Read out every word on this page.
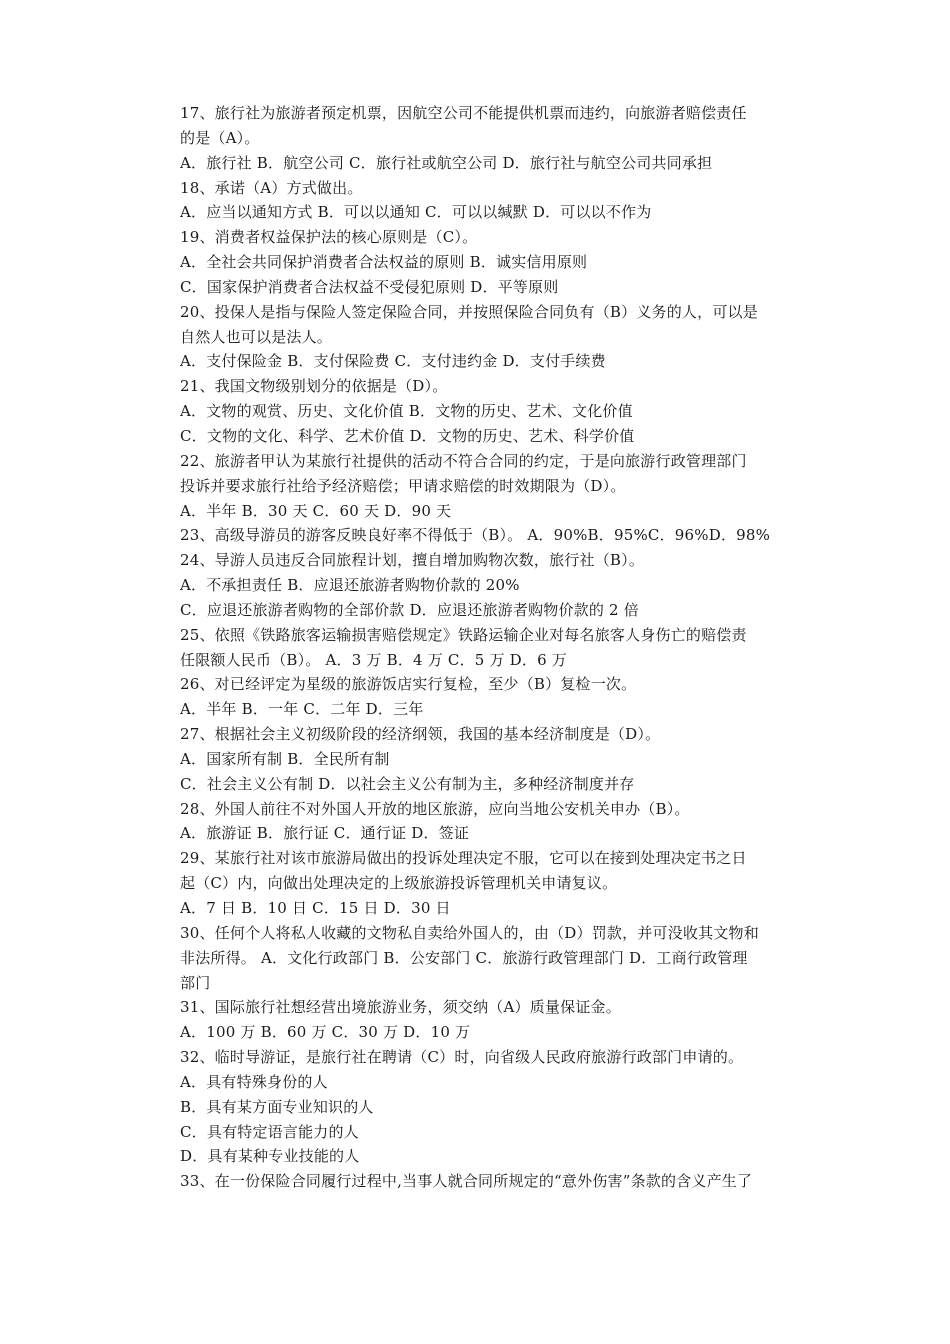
17、旅行社为旅游者预定机票，因航空公司不能提供机票而违约，向旅游者赔偿责任
的是（A）。
A．旅行社 B．航空公司 C．旅行社或航空公司 D．旅行社与航空公司共同承担
18、承诺（A）方式做出。
A．应当以通知方式 B．可以以通知 C．可以以缄默 D．可以以不作为
19、消费者权益保护法的核心原则是（C）。
A．全社会共同保护消费者合法权益的原则 B．诚实信用原则
C．国家保护消费者合法权益不受侵犯原则 D．平等原则
20、投保人是指与保险人签定保险合同，并按照保险合同负有（B）义务的人，可以是
自然人也可以是法人。
A．支付保险金 B．支付保险费 C．支付违约金 D．支付手续费
21、我国文物级别划分的依据是（D）。
A．文物的观赏、历史、文化价值 B．文物的历史、艺术、文化价值
C．文物的文化、科学、艺术价值 D．文物的历史、艺术、科学价值
22、旅游者甲认为某旅行社提供的活动不符合合同的约定，于是向旅游行政管理部门
投诉并要求旅行社给予经济赔偿；甲请求赔偿的时效期限为（D）。
A．半年 B．30 天 C．60 天 D．90 天
23、高级导游员的游客反映良好率不得低于（B）。 A．90%B．95%C．96%D．98%
24、导游人员违反合同旅程计划，擅自增加购物次数，旅行社（B）。
A．不承担责任 B．应退还旅游者购物价款的 20%
C．应退还旅游者购物的全部价款 D．应退还旅游者购物价款的 2 倍
25、依照《铁路旅客运输损害赔偿规定》铁路运输企业对每名旅客人身伤亡的赔偿责
任限额人民币（B）。 A．3 万 B．4 万 C．5 万 D．6 万
26、对已经评定为星级的旅游饭店实行复检，至少（B）复检一次。
A．半年 B．一年 C．二年 D．三年
27、根据社会主义初级阶段的经济纲领，我国的基本经济制度是（D）。
A．国家所有制 B．全民所有制
C．社会主义公有制 D．以社会主义公有制为主，多种经济制度并存
28、外国人前往不对外国人开放的地区旅游，应向当地公安机关申办（B）。
A．旅游证 B．旅行证 C．通行证 D．签证
29、某旅行社对该市旅游局做出的投诉处理决定不服，它可以在接到处理决定书之日
起（C）内，向做出处理决定的上级旅游投诉管理机关申请复议。
A．7 日 B．10 日 C．15 日 D．30 日
30、任何个人将私人收藏的文物私自卖给外国人的，由（D）罚款，并可没收其文物和
非法所得。 A．文化行政部门 B．公安部门 C．旅游行政管理部门 D．工商行政管理
部门
31、国际旅行社想经营出境旅游业务，须交纳（A）质量保证金。
A．100 万 B．60 万 C．30 万 D．10 万
32、临时导游证，是旅行社在聘请（C）时，向省级人民政府旅游行政部门申请的。
A．具有特殊身份的人
B．具有某方面专业知识的人
C．具有特定语言能力的人
D．具有某种专业技能的人
33、在一份保险合同履行过程中,当事人就合同所规定的“意外伤害”条款的含义产生了
